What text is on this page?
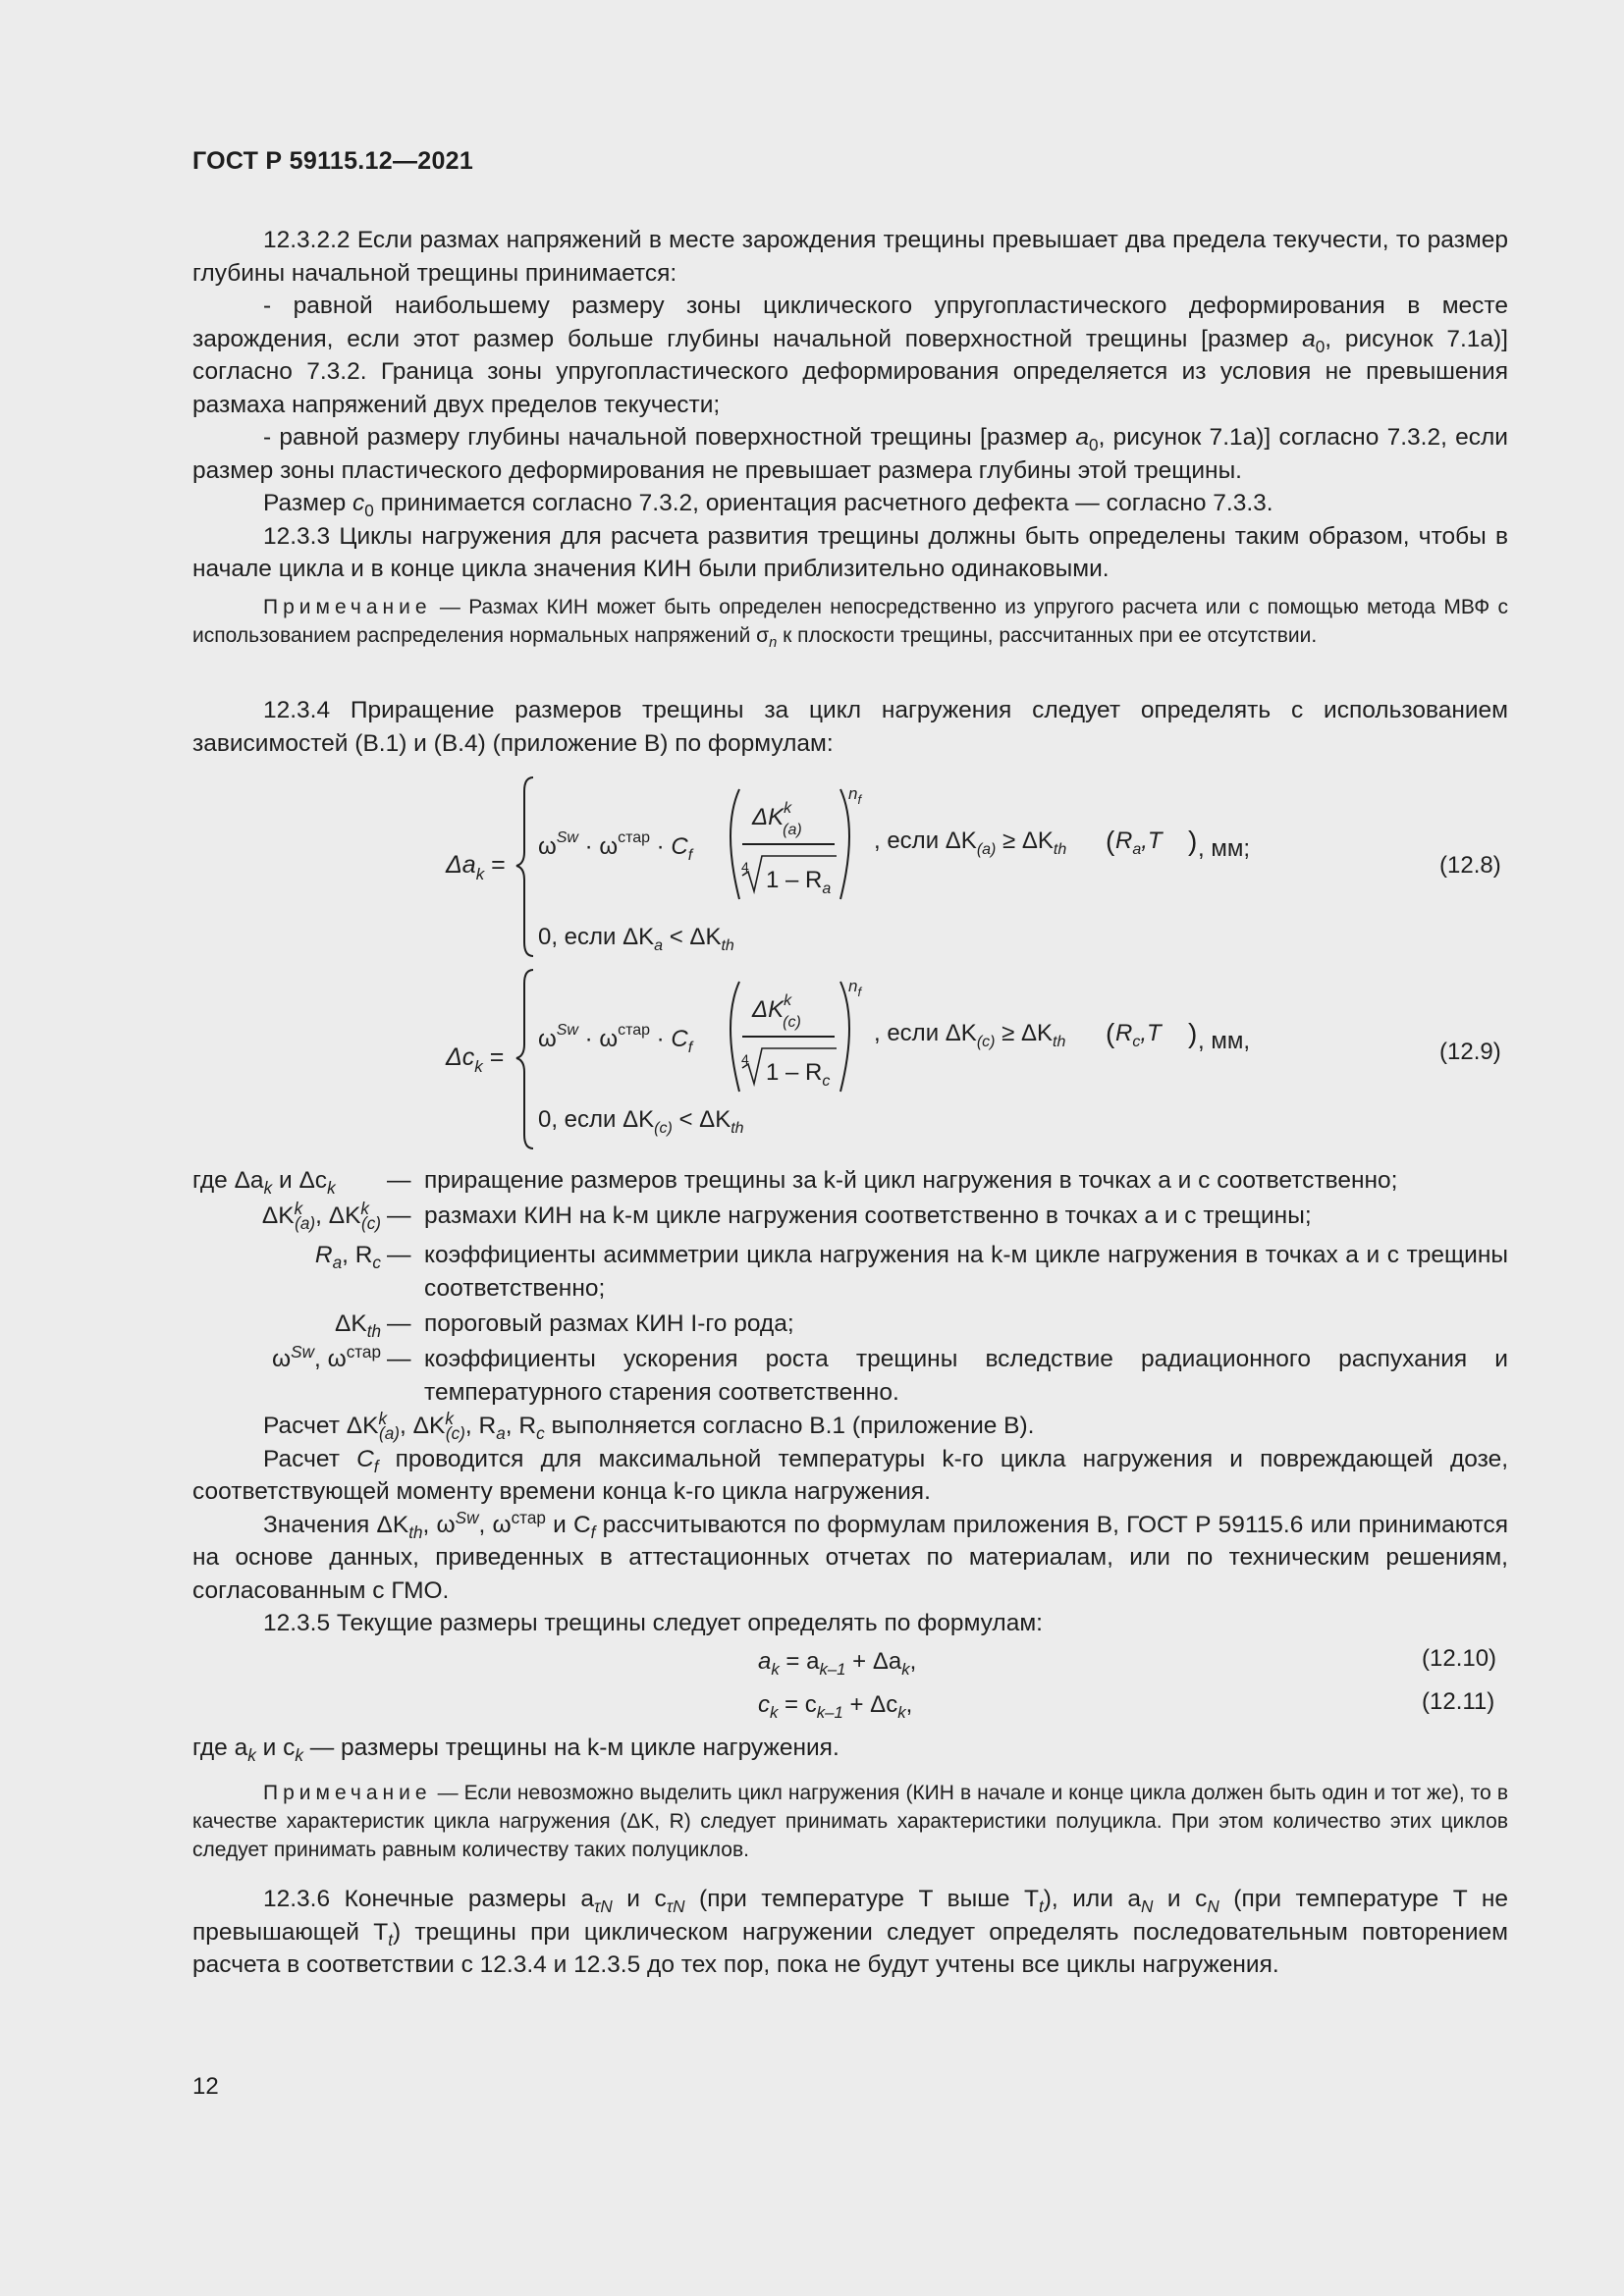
ГОСТ Р 59115.12—2021

12.3.2.2 Если размах напряжений в месте зарождения трещины превышает два предела текучести, то размер глубины начальной трещины принимается:

- равной наибольшему размеру зоны циклического упругопластического деформирования в месте зарождения, если этот размер больше глубины начальной поверхностной трещины [размер $a_0$, рисунок 7.1а)] согласно 7.3.2. Граница зоны упругопластического деформирования определяется из условия не превышения размаха напряжений двух пределов текучести;

- равной размеру глубины начальной поверхностной трещины [размер $a_0$, рисунок 7.1а)] согласно 7.3.2, если размер зоны пластического деформирования не превышает размера глубины этой трещины.

Размер $c_0$ принимается согласно 7.3.2, ориентация расчетного дефекта — согласно 7.3.3.

12.3.3 Циклы нагружения для расчета развития трещины должны быть определены таким образом, чтобы в начале цикла и в конце цикла значения КИН были приблизительно одинаковыми.

Примечание — Размах КИН может быть определен непосредственно из упругого расчета или с помощью метода МВФ с использованием распределения нормальных напряжений $\sigma_n$ к плоскости трещины, рассчитанных при ее отсутствии.

12.3.4 Приращение размеров трещины за цикл нагружения следует определять с использованием зависимостей (В.1) и (В.4) (приложение В) по формулам:

$\Delta a_k$ =
$\omega^{Sw} \cdot \omega^{стар} \cdot C_f$
$\Delta K^k$ (a)
4 $1 - R_a$
$n_f$
, если $\Delta K_{(a)} \ge \Delta K_{th}$ ( $R_a,T$ ) , мм;
0, если $\Delta K_a < \Delta K_{th}$
(12.8)
$\Delta c_k$ =
$\omega^{Sw} \cdot \omega^{стар} \cdot C_f$
$\Delta K^k$ (c)
4 $1 - R_c$
$n_f$
, если $\Delta K_{(c)} \ge \Delta K_{th}$ ( $R_c,T$ ) , мм,
0, если $\Delta K_{(c)} < \Delta K_{th}$
(12.9)
где $\Delta a_k$ и $\Delta c_k$ — приращение размеров трещины за k-й цикл нагружения в точках a и c соответственно;
$\Delta K^k_{(a)}$, $\Delta K^k_{(c)}$ — размахи КИН на k-м цикле нагружения соответственно в точках a и c трещины;
$R_a$, $R_c$ — коэффициенты асимметрии цикла нагружения на k-м цикле нагружения в точках a и c трещины соответственно;
$\Delta K_{th}$ — пороговый размах КИН I-го рода;
$\omega^{Sw}$, $\omega^{стар}$ — коэффициенты ускорения роста трещины вследствие радиационного распухания и температурного старения соответственно.

Расчет $\Delta K^k_{(a)}$, $\Delta K^k_{(c)}$, $R_a$, $R_c$ выполняется согласно В.1 (приложение В).

Расчет $C_f$ проводится для максимальной температуры k-го цикла нагружения и повреждающей дозе, соответствующей моменту времени конца k-го цикла нагружения.

Значения $\Delta K_{th}$, $\omega^{Sw}$, $\omega^{стар}$ и $C_f$ рассчитываются по формулам приложения В, ГОСТ Р 59115.6 или принимаются на основе данных, приведенных в аттестационных отчетах по материалам, или по техническим решениям, согласованным с ГМО.

12.3.5 Текущие размеры трещины следует определять по формулам:

$a_k = a_{k-1} + \Delta a_k$,	(12.10)
$c_k = c_{k-1} + \Delta c_k$,	(12.11)

где $a_k$ и $c_k$ — размеры трещины на k-м цикле нагружения.

Примечание — Если невозможно выделить цикл нагружения (КИН в начале и конце цикла должен быть один и тот же), то в качестве характеристик цикла нагружения (ΔK, R) следует принимать характеристики полуцикла. При этом количество этих циклов следует принимать равным количеству таких полуциклов.

12.3.6 Конечные размеры $a_{\tau N}$ и $c_{\tau N}$ (при температуре T выше $T_t$), или $a_N$ и $c_N$ (при температуре T не превышающей $T_t$) трещины при циклическом нагружении следует определять последовательным повторением расчета в соответствии с 12.3.4 и 12.3.5 до тех пор, пока не будут учтены все циклы нагружения.

12
